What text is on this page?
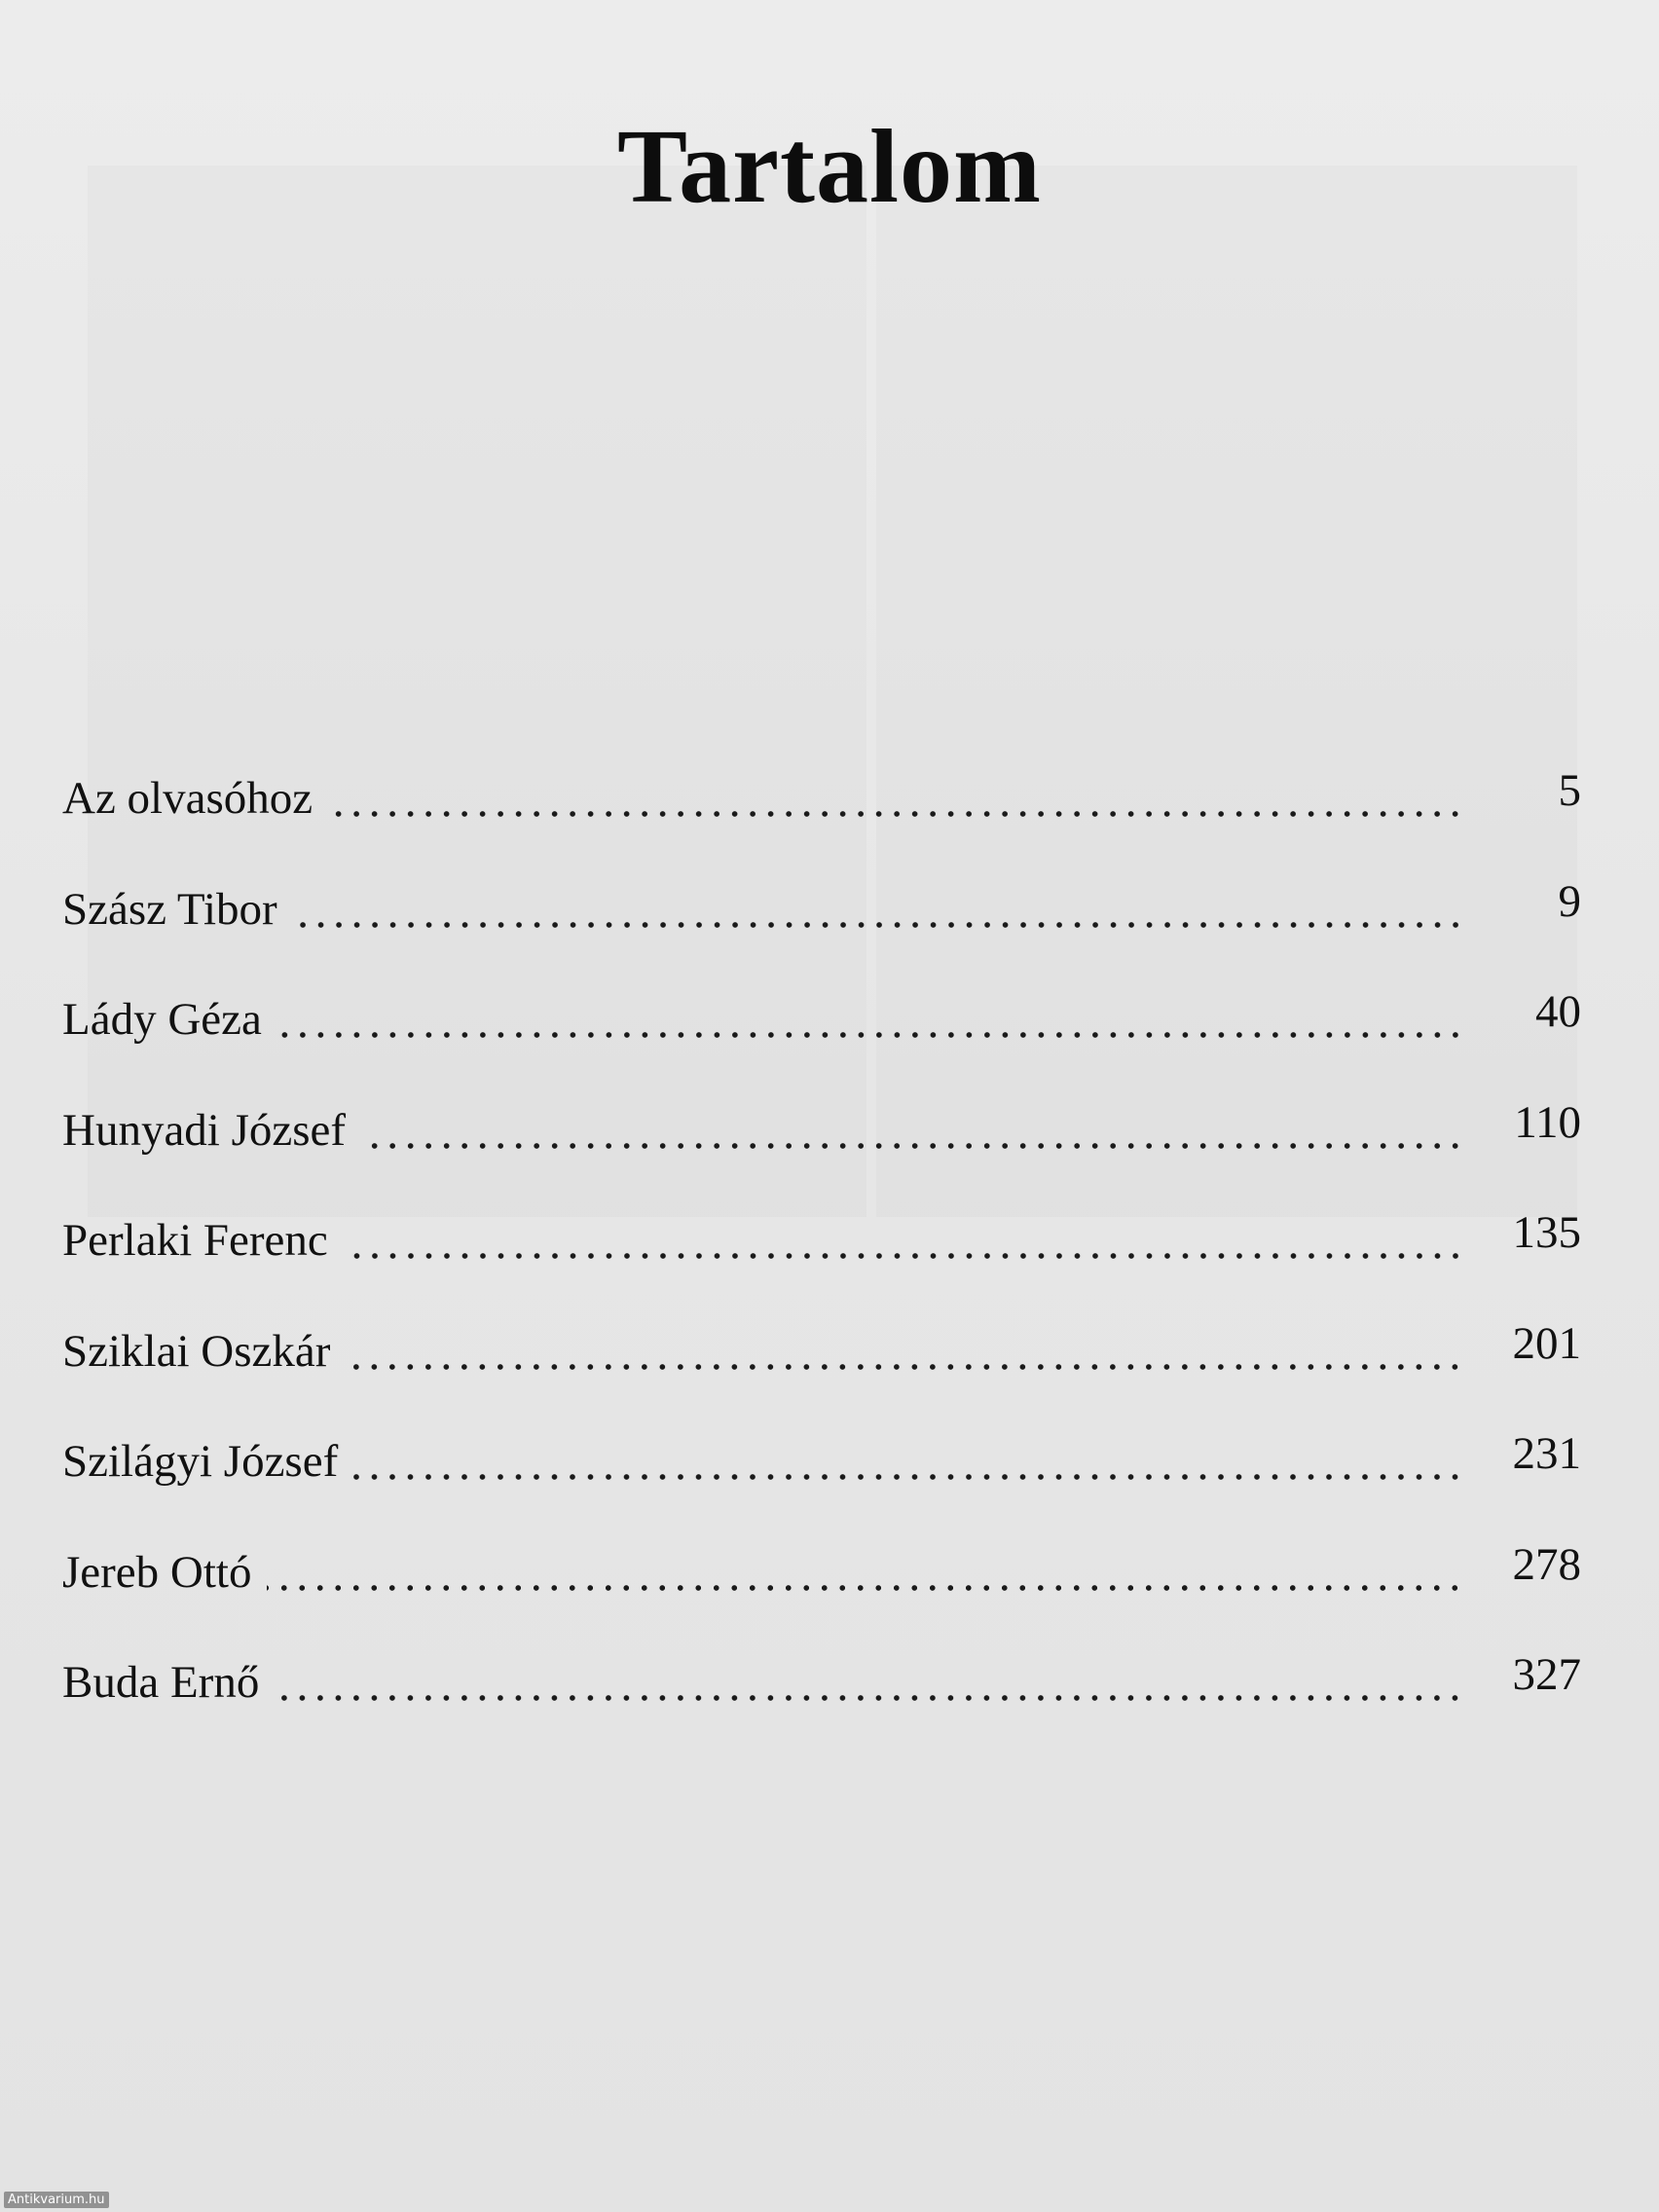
Tartalom
Az olvasóhoz	5
Szász Tibor	9
Lády Géza	40
Hunyadi József	110
Perlaki Ferenc	135
Sziklai Oszkár	201
Szilágyi József	231
Jereb Ottó	278
Buda Ernő	327
Antikvarium.hu
